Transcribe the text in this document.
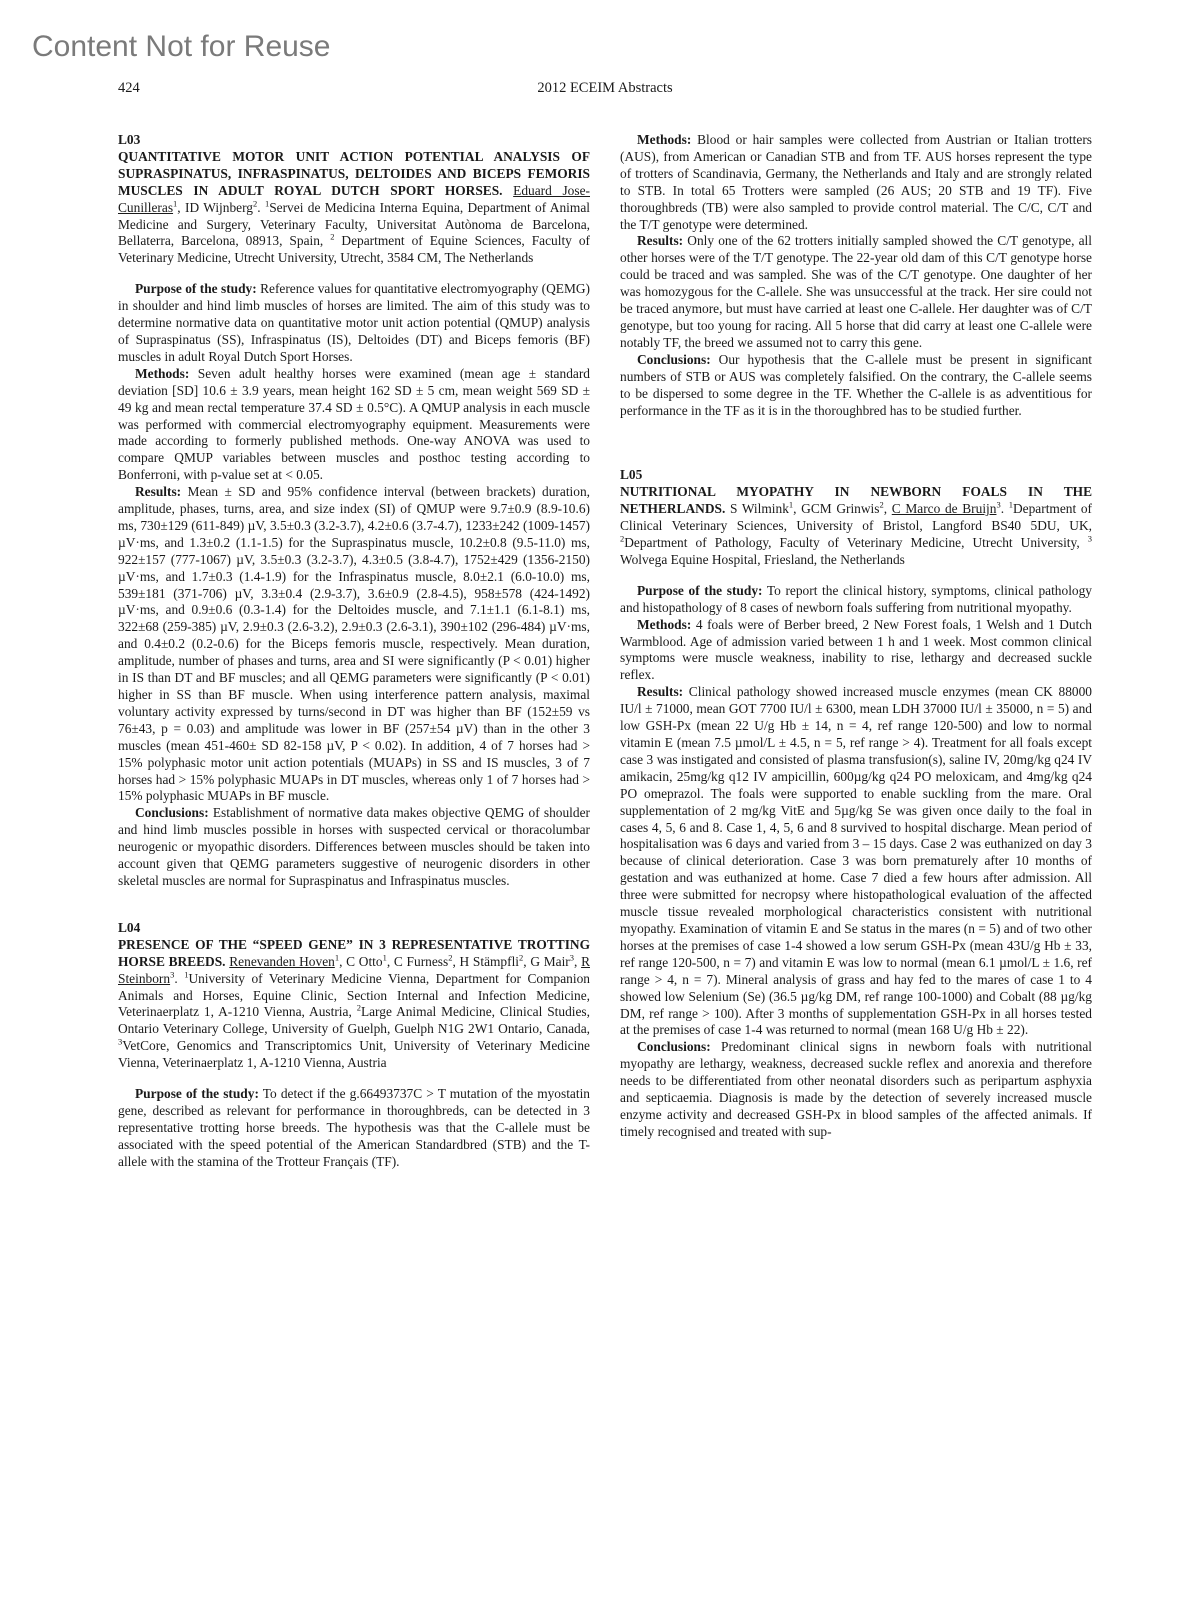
Content Not for Reuse
424	2012 ECEIM Abstracts

L03

QUANTITATIVE MOTOR UNIT ACTION POTENTIAL ANALYSIS OF SUPRASPINATUS, INFRASPINATUS, DELTOIDES AND BICEPS FEMORIS MUSCLES IN ADULT ROYAL DUTCH SPORT HORSES. Eduard Jose-Cunilleras$^1$, ID Wijnberg$^2$. $^1$Servei de Medicina Interna Equina, Department of Animal Medicine and Surgery, Veterinary Faculty, Universitat Autònoma de Barcelona, Bellaterra, Barcelona, 08913, Spain, $^2$ Department of Equine Sciences, Faculty of Veterinary Medicine, Utrecht University, Utrecht, 3584 CM, The Netherlands

Purpose of the study: Reference values for quantitative electromyography (QEMG) in shoulder and hind limb muscles of horses are limited. The aim of this study was to determine normative data on quantitative motor unit action potential (QMUP) analysis of Supraspinatus (SS), Infraspinatus (IS), Deltoides (DT) and Biceps femoris (BF) muscles in adult Royal Dutch Sport Horses.

Methods: Seven adult healthy horses were examined (mean age ± standard deviation [SD] 10.6 ± 3.9 years, mean height 162 SD ± 5 cm, mean weight 569 SD ± 49 kg and mean rectal temperature 37.4 SD ± 0.5°C). A QMUP analysis in each muscle was performed with commercial electromyography equipment. Measurements were made according to formerly published methods. One-way ANOVA was used to compare QMUP variables between muscles and posthoc testing according to Bonferroni, with p-value set at < 0.05.

Results: Mean ± SD and 95% confidence interval (between brackets) duration, amplitude, phases, turns, area, and size index (SI) of QMUP were 9.7±0.9 (8.9-10.6) ms, 730±129 (611-849) µV, 3.5±0.3 (3.2-3.7), 4.2±0.6 (3.7-4.7), 1233±242 (1009-1457) µV·ms, and 1.3±0.2 (1.1-1.5) for the Supraspinatus muscle, 10.2±0.8 (9.5-11.0) ms, 922±157 (777-1067) µV, 3.5±0.3 (3.2-3.7), 4.3±0.5 (3.8-4.7), 1752±429 (1356-2150) µV·ms, and 1.7±0.3 (1.4-1.9) for the Infraspinatus muscle, 8.0±2.1 (6.0-10.0) ms, 539±181 (371-706) µV, 3.3±0.4 (2.9-3.7), 3.6±0.9 (2.8-4.5), 958±578 (424-1492) µV·ms, and 0.9±0.6 (0.3-1.4) for the Deltoides muscle, and 7.1±1.1 (6.1-8.1) ms, 322±68 (259-385) µV, 2.9±0.3 (2.6-3.2), 2.9±0.3 (2.6-3.1), 390±102 (296-484) µV·ms, and 0.4±0.2 (0.2-0.6) for the Biceps femoris muscle, respectively. Mean duration, amplitude, number of phases and turns, area and SI were significantly (P < 0.01) higher in IS than DT and BF muscles; and all QEMG parameters were significantly (P < 0.01) higher in SS than BF muscle. When using interference pattern analysis, maximal voluntary activity expressed by turns/second in DT was higher than BF (152±59 vs 76±43, p = 0.03) and amplitude was lower in BF (257±54 µV) than in the other 3 muscles (mean 451-460± SD 82-158 µV, P < 0.02). In addition, 4 of 7 horses had > 15% polyphasic motor unit action potentials (MUAPs) in SS and IS muscles, 3 of 7 horses had > 15% polyphasic MUAPs in DT muscles, whereas only 1 of 7 horses had > 15% polyphasic MUAPs in BF muscle.

Conclusions: Establishment of normative data makes objective QEMG of shoulder and hind limb muscles possible in horses with suspected cervical or thoracolumbar neurogenic or myopathic disorders. Differences between muscles should be taken into account given that QEMG parameters suggestive of neurogenic disorders in other skeletal muscles are normal for Supraspinatus and Infraspinatus muscles.

L04

PRESENCE OF THE “SPEED GENE” IN 3 REPRESENTATIVE TROTTING HORSE BREEDS. Renevanden Hoven$^1$, C Otto$^1$, C Furness$^2$, H Stämpfli$^2$, G Mair$^3$, R Steinborn$^3$. $^1$University of Veterinary Medicine Vienna, Department for Companion Animals and Horses, Equine Clinic, Section Internal and Infection Medicine, Veterinaerplatz 1, A-1210 Vienna, Austria, $^2$Large Animal Medicine, Clinical Studies, Ontario Veterinary College, University of Guelph, Guelph N1G 2W1 Ontario, Canada, $^3$VetCore, Genomics and Transcriptomics Unit, University of Veterinary Medicine Vienna, Veterinaerplatz 1, A-1210 Vienna, Austria

Purpose of the study: To detect if the g.66493737C > T mutation of the myostatin gene, described as relevant for performance in thoroughbreds, can be detected in 3 representative trotting horse breeds. The hypothesis was that the C-allele must be associated with the speed potential of the American Standardbred (STB) and the T-allele with the stamina of the Trotteur Français (TF).

Methods: Blood or hair samples were collected from Austrian or Italian trotters (AUS), from American or Canadian STB and from TF. AUS horses represent the type of trotters of Scandinavia, Germany, the Netherlands and Italy and are strongly related to STB. In total 65 Trotters were sampled (26 AUS; 20 STB and 19 TF). Five thoroughbreds (TB) were also sampled to provide control material. The C/C, C/T and the T/T genotype were determined.

Results: Only one of the 62 trotters initially sampled showed the C/T genotype, all other horses were of the T/T genotype. The 22-year old dam of this C/T genotype horse could be traced and was sampled. She was of the C/T genotype. One daughter of her was homozygous for the C-allele. She was unsuccessful at the track. Her sire could not be traced anymore, but must have carried at least one C-allele. Her daughter was of C/T genotype, but too young for racing. All 5 horse that did carry at least one C-allele were notably TF, the breed we assumed not to carry this gene.

Conclusions: Our hypothesis that the C-allele must be present in significant numbers of STB or AUS was completely falsified. On the contrary, the C-allele seems to be dispersed to some degree in the TF. Whether the C-allele is as adventitious for performance in the TF as it is in the thoroughbred has to be studied further.

L05

NUTRITIONAL MYOPATHY IN NEWBORN FOALS IN THE NETHERLANDS. S Wilmink$^1$, GCM Grinwis$^2$, C Marco de Bruijn$^3$. $^1$Department of Clinical Veterinary Sciences, University of Bristol, Langford BS40 5DU, UK, $^2$Department of Pathology, Faculty of Veterinary Medicine, Utrecht University, $^3$ Wolvega Equine Hospital, Friesland, the Netherlands

Purpose of the study: To report the clinical history, symptoms, clinical pathology and histopathology of 8 cases of newborn foals suffering from nutritional myopathy.

Methods: 4 foals were of Berber breed, 2 New Forest foals, 1 Welsh and 1 Dutch Warmblood. Age of admission varied between 1 h and 1 week. Most common clinical symptoms were muscle weakness, inability to rise, lethargy and decreased suckle reflex.

Results: Clinical pathology showed increased muscle enzymes (mean CK 88000 IU/l ± 71000, mean GOT 7700 IU/l ± 6300, mean LDH 37000 IU/l ± 35000, n = 5) and low GSH-Px (mean 22 U/g Hb ± 14, n = 4, ref range 120-500) and low to normal vitamin E (mean 7.5 µmol/L ± 4.5, n = 5, ref range > 4). Treatment for all foals except case 3 was instigated and consisted of plasma transfusion(s), saline IV, 20mg/kg q24 IV amikacin, 25mg/kg q12 IV ampicillin, 600µg/kg q24 PO meloxicam, and 4mg/kg q24 PO omeprazol. The foals were supported to enable suckling from the mare. Oral supplementation of 2 mg/kg VitE and 5µg/kg Se was given once daily to the foal in cases 4, 5, 6 and 8. Case 1, 4, 5, 6 and 8 survived to hospital discharge. Mean period of hospitalisation was 6 days and varied from 3 – 15 days. Case 2 was euthanized on day 3 because of clinical deterioration. Case 3 was born prematurely after 10 months of gestation and was euthanized at home. Case 7 died a few hours after admission. All three were submitted for necropsy where histopathological evaluation of the affected muscle tissue revealed morphological characteristics consistent with nutritional myopathy. Examination of vitamin E and Se status in the mares (n = 5) and of two other horses at the premises of case 1-4 showed a low serum GSH-Px (mean 43U/g Hb ± 33, ref range 120-500, n = 7) and vitamin E was low to normal (mean 6.1 µmol/L ± 1.6, ref range > 4, n = 7). Mineral analysis of grass and hay fed to the mares of case 1 to 4 showed low Selenium (Se) (36.5 µg/kg DM, ref range 100-1000) and Cobalt (88 µg/kg DM, ref range > 100). After 3 months of supplementation GSH-Px in all horses tested at the premises of case 1-4 was returned to normal (mean 168 U/g Hb ± 22).

Conclusions: Predominant clinical signs in newborn foals with nutritional myopathy are lethargy, weakness, decreased suckle reflex and anorexia and therefore needs to be differentiated from other neonatal disorders such as peripartum asphyxia and septicaemia. Diagnosis is made by the detection of severely increased muscle enzyme activity and decreased GSH-Px in blood samples of the affected animals. If timely recognised and treated with sup-
